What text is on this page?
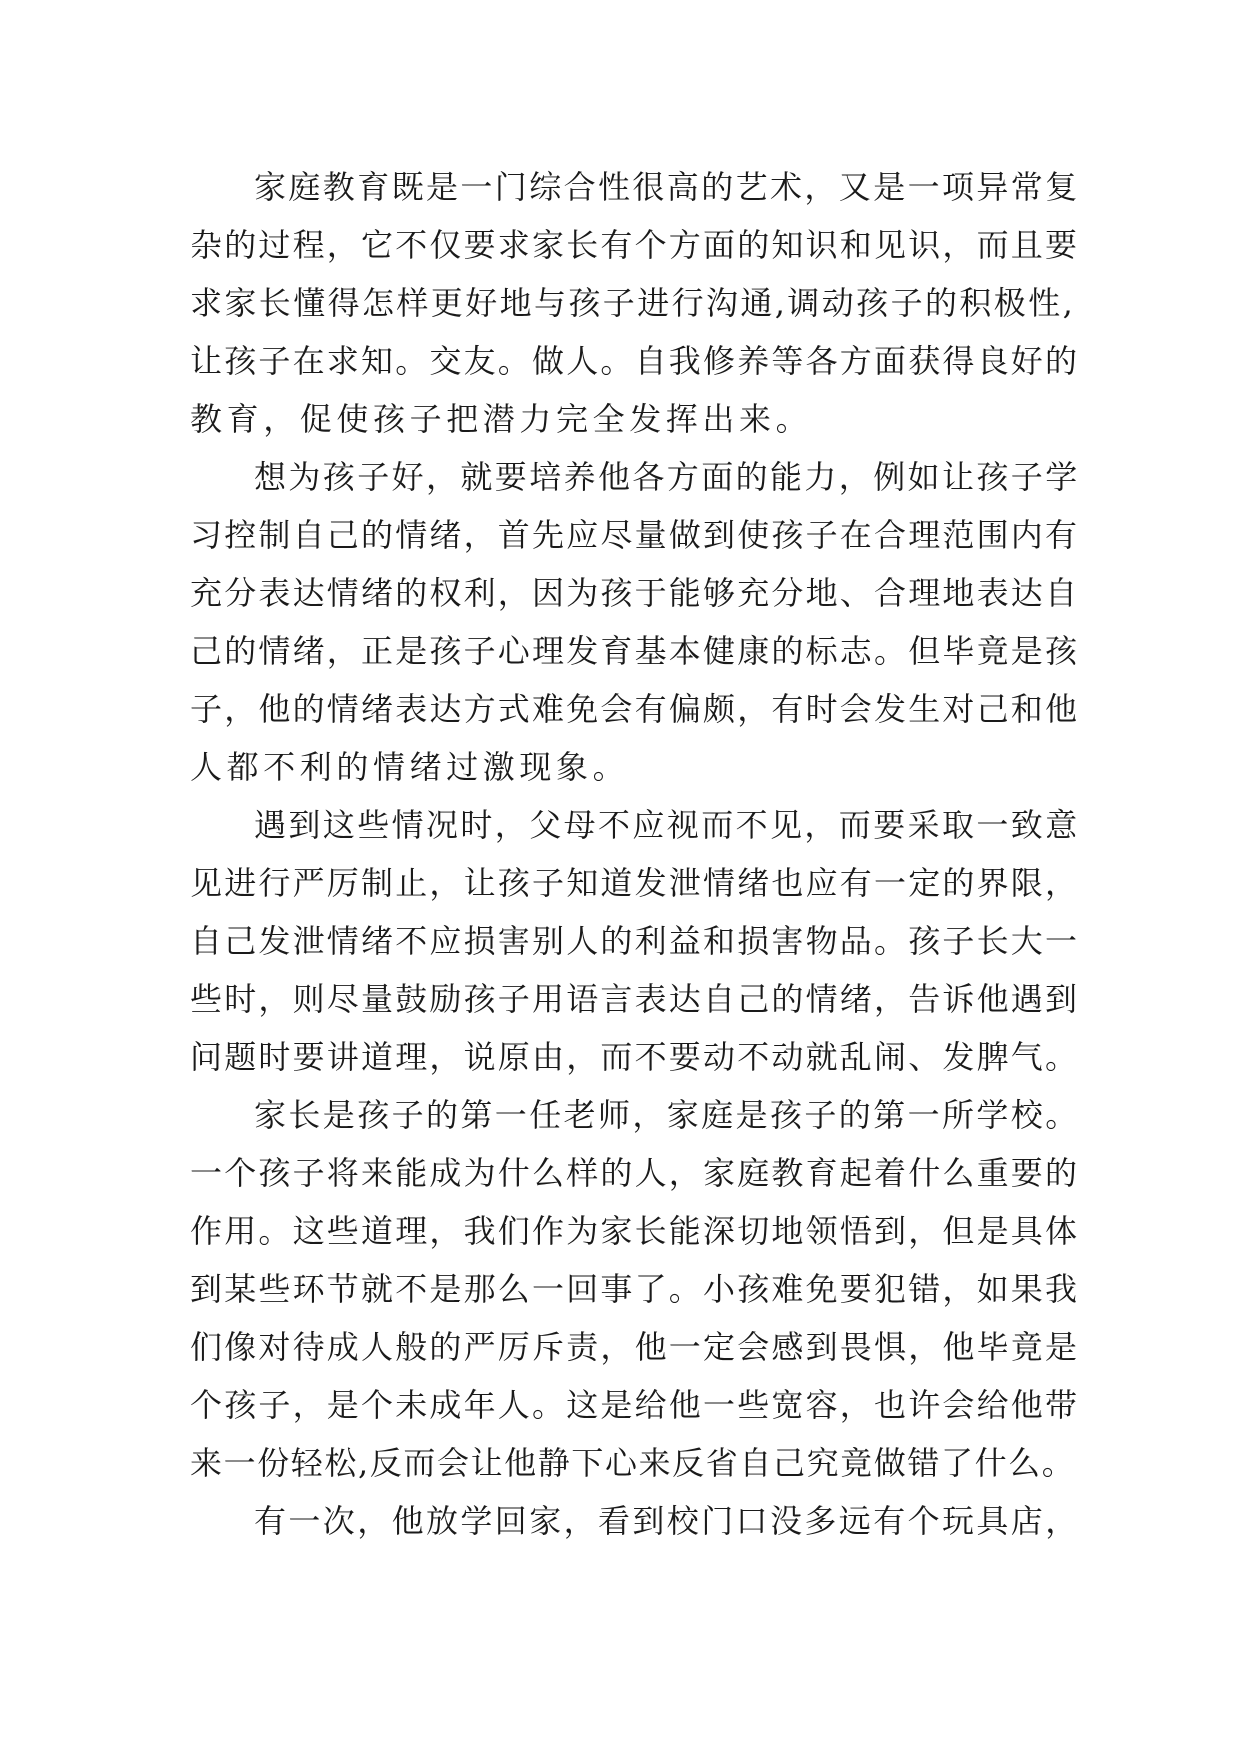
家庭教育既是一门综合性很高的艺术，又是一项异常复
杂的过程，它不仅要求家长有个方面的知识和见识，而且要
求家长懂得怎样更好地与孩子进行沟通,调动孩子的积极性,
让孩子在求知。交友。做人。自我修养等各方面获得良好的
教育，促使孩子把潜力完全发挥出来。
想为孩子好，就要培养他各方面的能力，例如让孩子学
习控制自己的情绪，首先应尽量做到使孩子在合理范围内有
充分表达情绪的权利，因为孩于能够充分地、合理地表达自
己的情绪，正是孩子心理发育基本健康的标志。但毕竟是孩
子，他的情绪表达方式难免会有偏颇，有时会发生对己和他
人都不利的情绪过激现象。
遇到这些情况时，父母不应视而不见，而要采取一致意
见进行严厉制止，让孩子知道发泄情绪也应有一定的界限，
自己发泄情绪不应损害别人的利益和损害物品。孩子长大一
些时，则尽量鼓励孩子用语言表达自己的情绪，告诉他遇到
问题时要讲道理，说原由，而不要动不动就乱闹、发脾气。
家长是孩子的第一任老师，家庭是孩子的第一所学校。
一个孩子将来能成为什么样的人，家庭教育起着什么重要的
作用。这些道理，我们作为家长能深切地领悟到，但是具体
到某些环节就不是那么一回事了。小孩难免要犯错，如果我
们像对待成人般的严厉斥责，他一定会感到畏惧，他毕竟是
个孩子，是个未成年人。这是给他一些宽容，也许会给他带
来一份轻松,反而会让他静下心来反省自己究竟做错了什么。
有一次，他放学回家，看到校门口没多远有个玩具店，
